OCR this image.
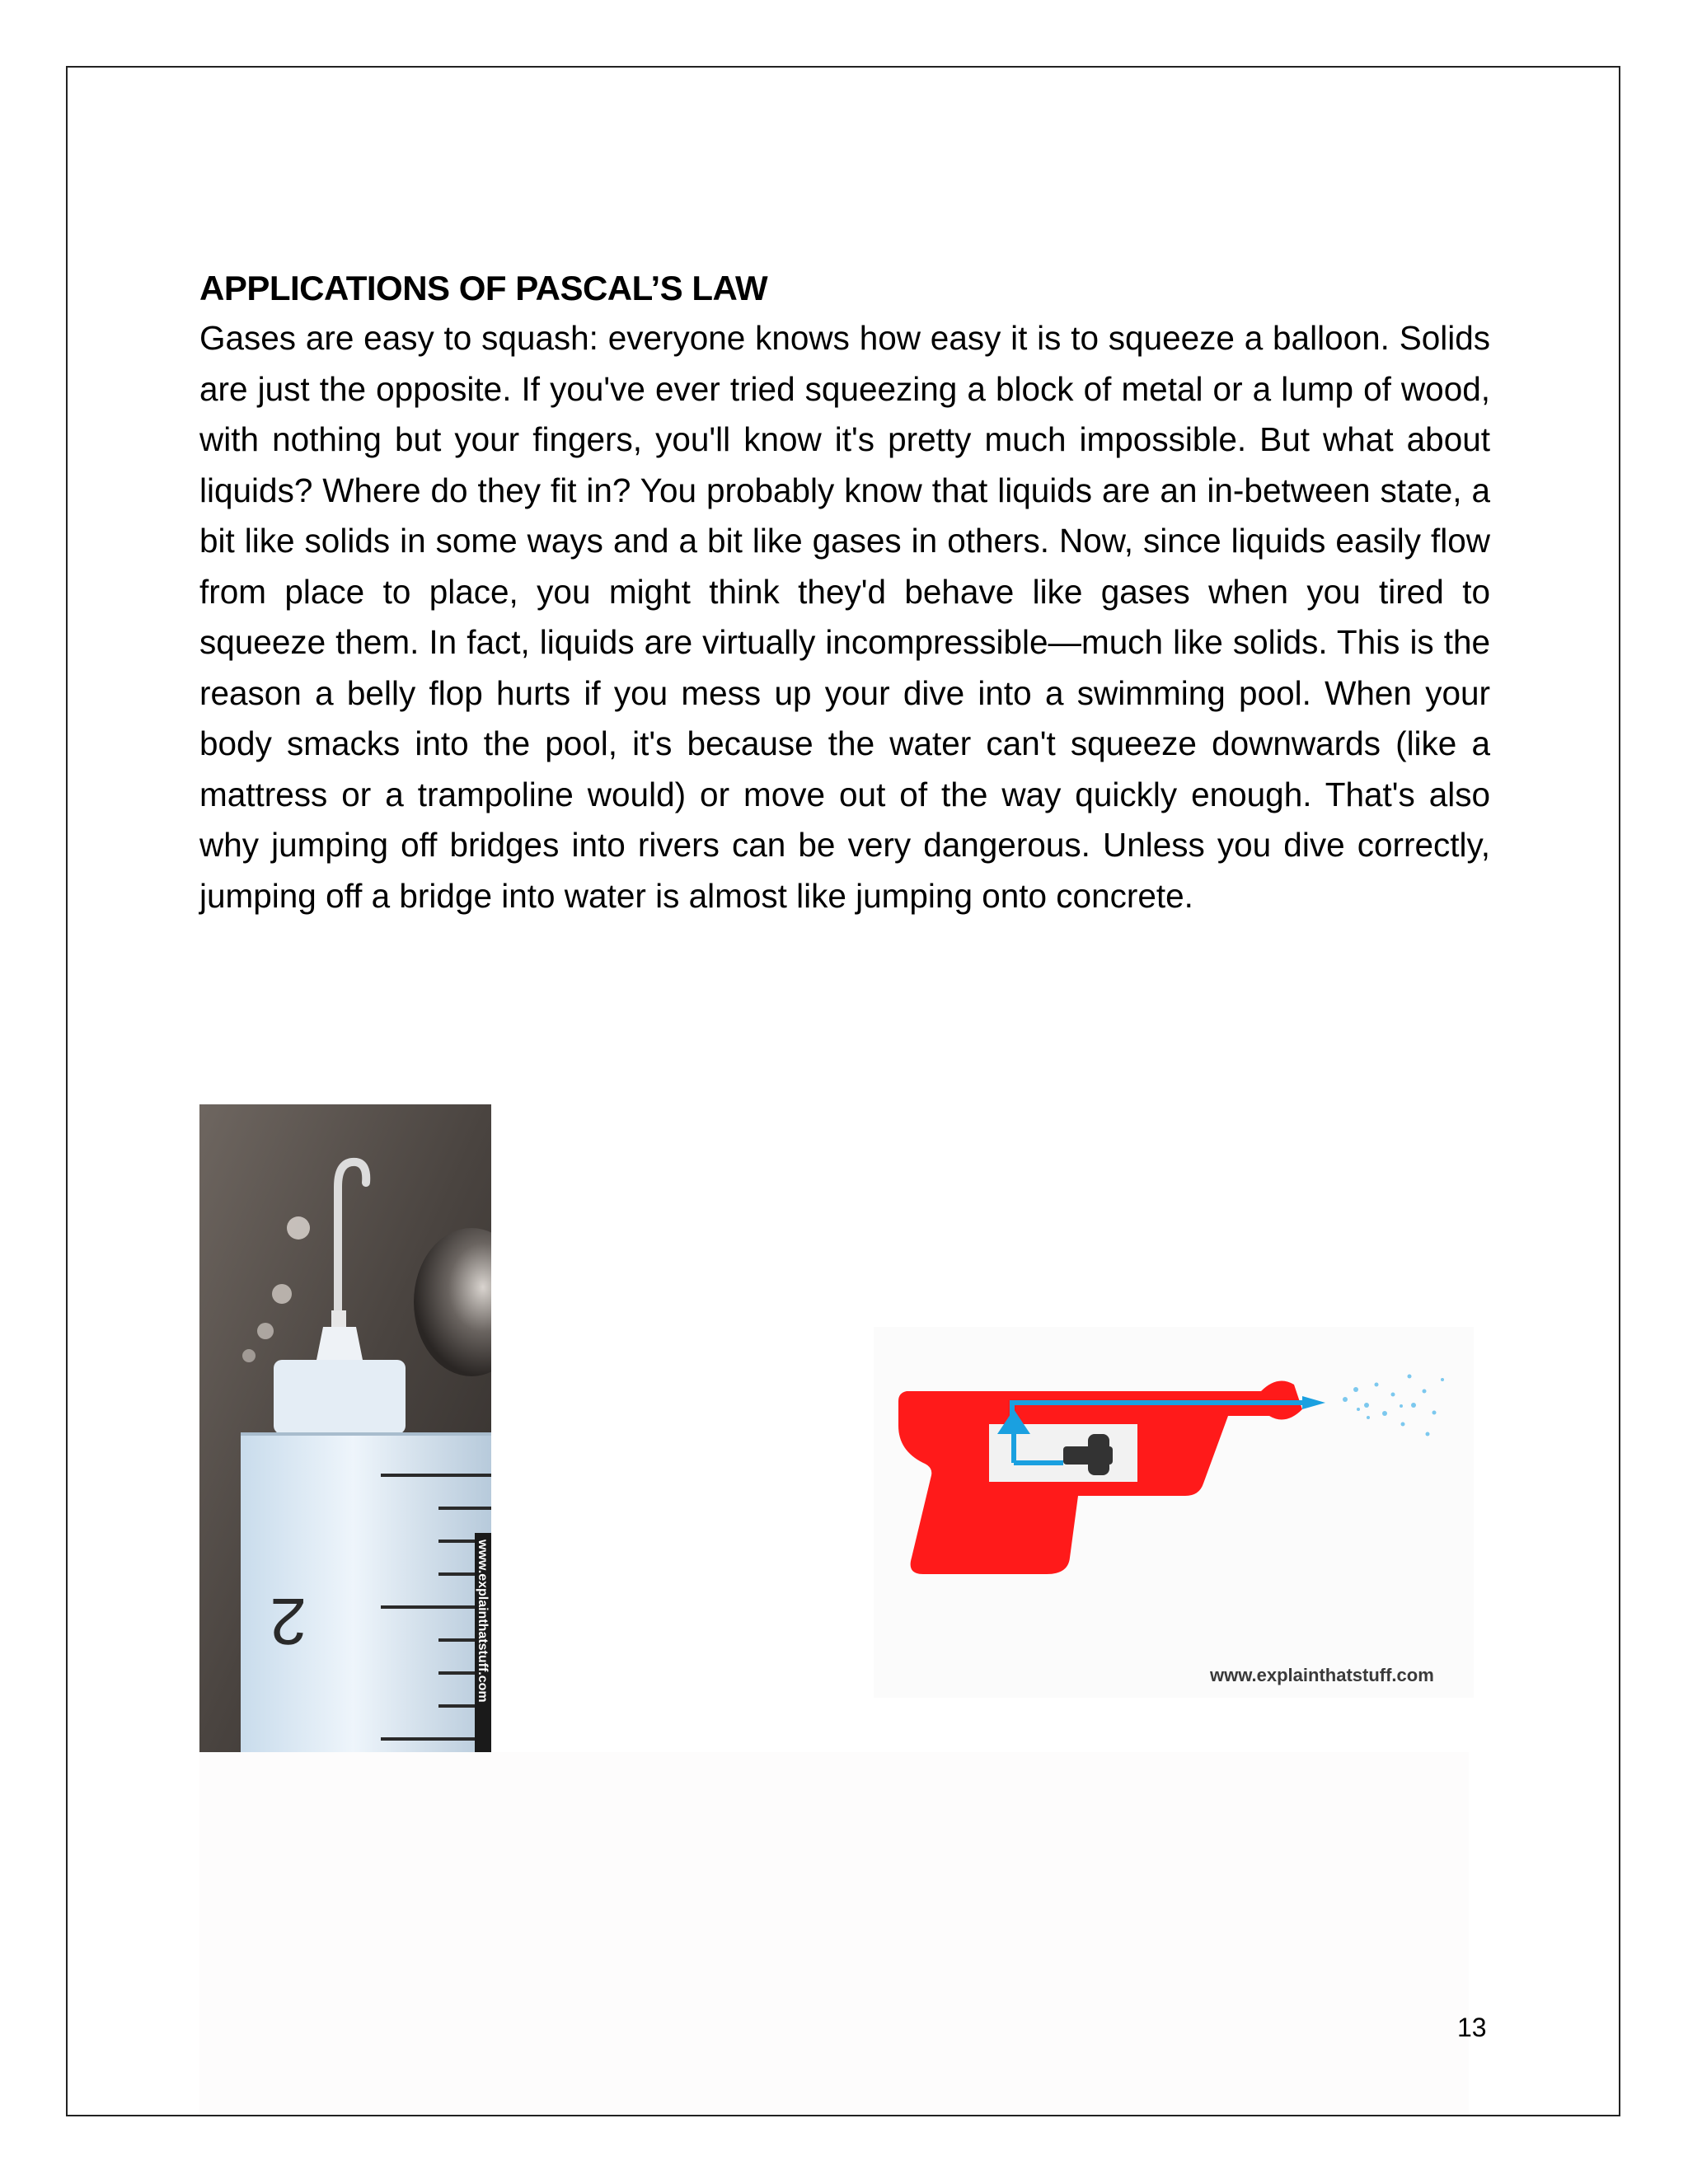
APPLICATIONS OF PASCAL’S LAW

Gases are easy to squash: everyone knows how easy it is to squeeze a balloon. Solids are just the opposite. If you've ever tried squeezing a block of metal or a lump of wood, with nothing but your fingers, you'll know it's pretty much impossible. But what about liquids? Where do they fit in? You probably know that liquids are an in-between state, a bit like solids in some ways and a bit like gases in others. Now, since liquids easily flow from place to place, you might think they'd behave like gases when you tired to squeeze them. In fact, liquids are virtually incompressible—much like solids. This is the reason a belly flop hurts if you mess up your dive into a swimming pool. When your body smacks into the pool, it's because the water can't squeeze downwards (like a mattress or a trampoline would) or move out of the way quickly enough. That's also why jumping off bridges into rivers can be very dangerous. Unless you dive correctly, jumping off a bridge into water is almost like jumping onto concrete.

2	www.explainthatstuff.com	www.explainthatstuff.com

13
